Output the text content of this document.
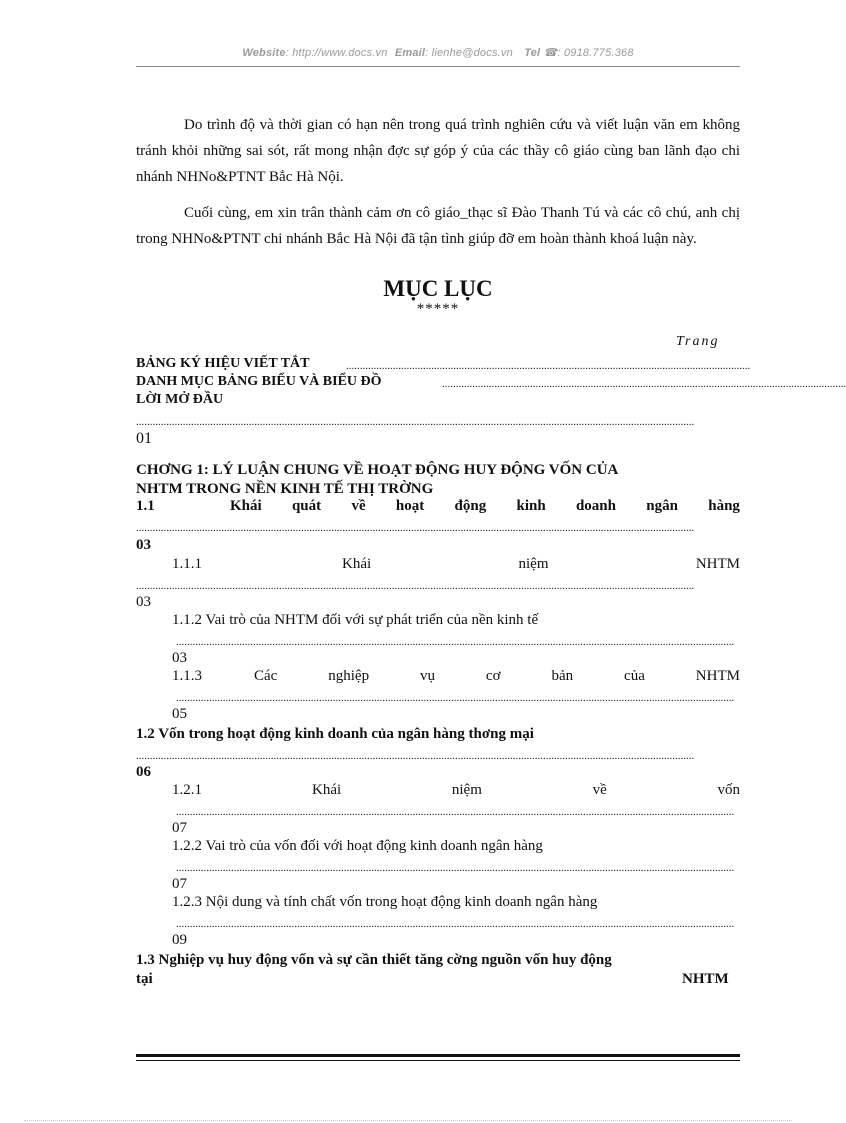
Website: http://www.docs.vn Email: lienhe@docs.vn Tel ☎: 0918.775.368

Do trình độ và thời gian có hạn nên trong quá trình nghiên cứu và viết luận văn em không tránh khỏi những sai sót, rất mong nhận đợc sự góp ý của các thầy cô giáo cùng ban lãnh đạo chi nhánh NHNo&PTNT Bắc Hà Nội.

Cuối cùng, em xin trân thành cảm ơn cô giáo_thạc sĩ Đào Thanh Tú và các cô chú, anh chị trong NHNo&PTNT chi nhánh Bắc Hà Nội đã tận tình giúp đỡ em hoàn thành khoá luận này.

MỤC LỤC
*****
Trang
BẢNG KÝ HIỆU VIẾT TẮT	...................................................................................................................................................
DANH MỤC BẢNG BIỂU VÀ BIỂU ĐỒ	...................................................................................................................................................
LỜI MỞ ĐẦU
...........................................................................................................................................................................................................
01
CHƠNG 1: LÝ LUẬN CHUNG VỀ HOẠT ĐỘNG HUY ĐỘNG VỐN CỦA
NHTM TRONG NỀN KINH TẾ THỊ TRỜNG
1.1	Khái quát về hoạt động kinh doanh ngân hàng
...........................................................................................................................................................................................................
03
1.1.1	Khái	niệm	NHTM
...........................................................................................................................................................................................................
03
1.1.2 Vai trò của NHTM đối với sự phát triển của nền kinh tế
...........................................................................................................................................................................................................
03
1.1.3	Các	nghiệp	vụ	cơ	bản	của	NHTM
...........................................................................................................................................................................................................
05
1.2 Vốn trong hoạt động kinh doanh của ngân hàng thơng mại
...........................................................................................................................................................................................................
06
1.2.1	Khái	niệm	về	vốn
...........................................................................................................................................................................................................
07
1.2.2 Vai trò của vốn đối với hoạt động kinh doanh ngân hàng
...........................................................................................................................................................................................................
07
1.2.3 Nội dung và tính chất vốn trong hoạt động kinh doanh ngân hàng
...........................................................................................................................................................................................................
09
1.3 Nghiệp vụ huy động vốn và sự cần thiết tăng cờng nguồn vốn huy động
tại	NHTM
